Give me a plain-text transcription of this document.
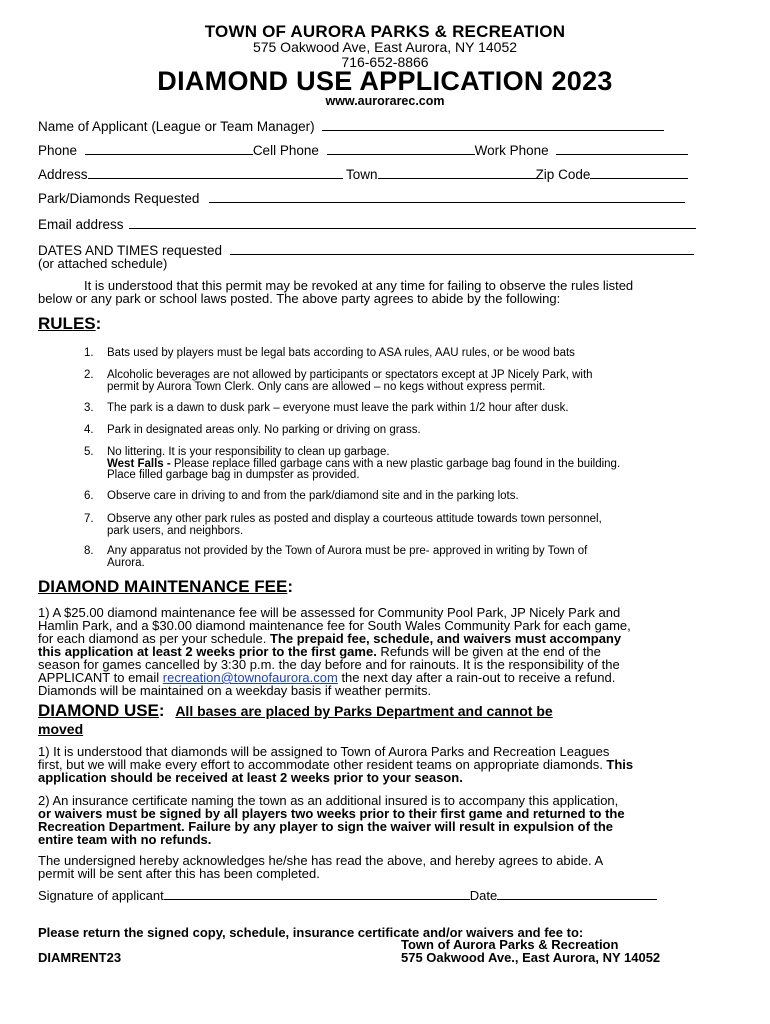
TOWN OF AURORA PARKS & RECREATION
575 Oakwood Ave, East Aurora, NY 14052
716-652-8866
DIAMOND USE APPLICATION 2023
www.aurorarec.com
Name of Applicant (League or Team Manager)
Phone	Cell Phone	Work Phone
Address	Town	Zip Code
Park/Diamonds Requested
Email address
DATES AND TIMES requested
(or attached schedule)
It is understood that this permit may be revoked at any time for failing to observe the rules listed
below or any park or school laws posted. The above party agrees to abide by the following:
RULES:
1. Bats used by players must be legal bats according to ASA rules, AAU rules, or be wood bats
2. Alcoholic beverages are not allowed by participants or spectators except at JP Nicely Park, with
permit by Aurora Town Clerk. Only cans are allowed – no kegs without express permit.
3. The park is a dawn to dusk park – everyone must leave the park within 1/2 hour after dusk.
4. Park in designated areas only. No parking or driving on grass.
5. No littering. It is your responsibility to clean up garbage.
West Falls - Please replace filled garbage cans with a new plastic garbage bag found in the building.
Place filled garbage bag in dumpster as provided.
6. Observe care in driving to and from the park/diamond site and in the parking lots.
7. Observe any other park rules as posted and display a courteous attitude towards town personnel,
park users, and neighbors.
8. Any apparatus not provided by the Town of Aurora must be pre- approved in writing by Town of
Aurora.
DIAMOND MAINTENANCE FEE:
1) A $25.00 diamond maintenance fee will be assessed for Community Pool Park, JP Nicely Park and
Hamlin Park, and a $30.00 diamond maintenance fee for South Wales Community Park for each game,
for each diamond as per your schedule. The prepaid fee, schedule, and waivers must accompany
this application at least 2 weeks prior to the first game. Refunds will be given at the end of the
season for games cancelled by 3:30 p.m. the day before and for rainouts. It is the responsibility of the
APPLICANT to email recreation@townofaurora.com the next day after a rain-out to receive a refund.
Diamonds will be maintained on a weekday basis if weather permits.
DIAMOND USE: All bases are placed by Parks Department and cannot be
moved
1) It is understood that diamonds will be assigned to Town of Aurora Parks and Recreation Leagues
first, but we will make every effort to accommodate other resident teams on appropriate diamonds. This
application should be received at least 2 weeks prior to your season.
2) An insurance certificate naming the town as an additional insured is to accompany this application,
or waivers must be signed by all players two weeks prior to their first game and returned to the
Recreation Department. Failure by any player to sign the waiver will result in expulsion of the
entire team with no refunds.
The undersigned hereby acknowledges he/she has read the above, and hereby agrees to abide. A
permit will be sent after this has been completed.
Signature of applicant	Date
Please return the signed copy, schedule, insurance certificate and/or waivers and fee to:
Town of Aurora Parks & Recreation
575 Oakwood Ave., East Aurora, NY 14052
DIAMRENT23
